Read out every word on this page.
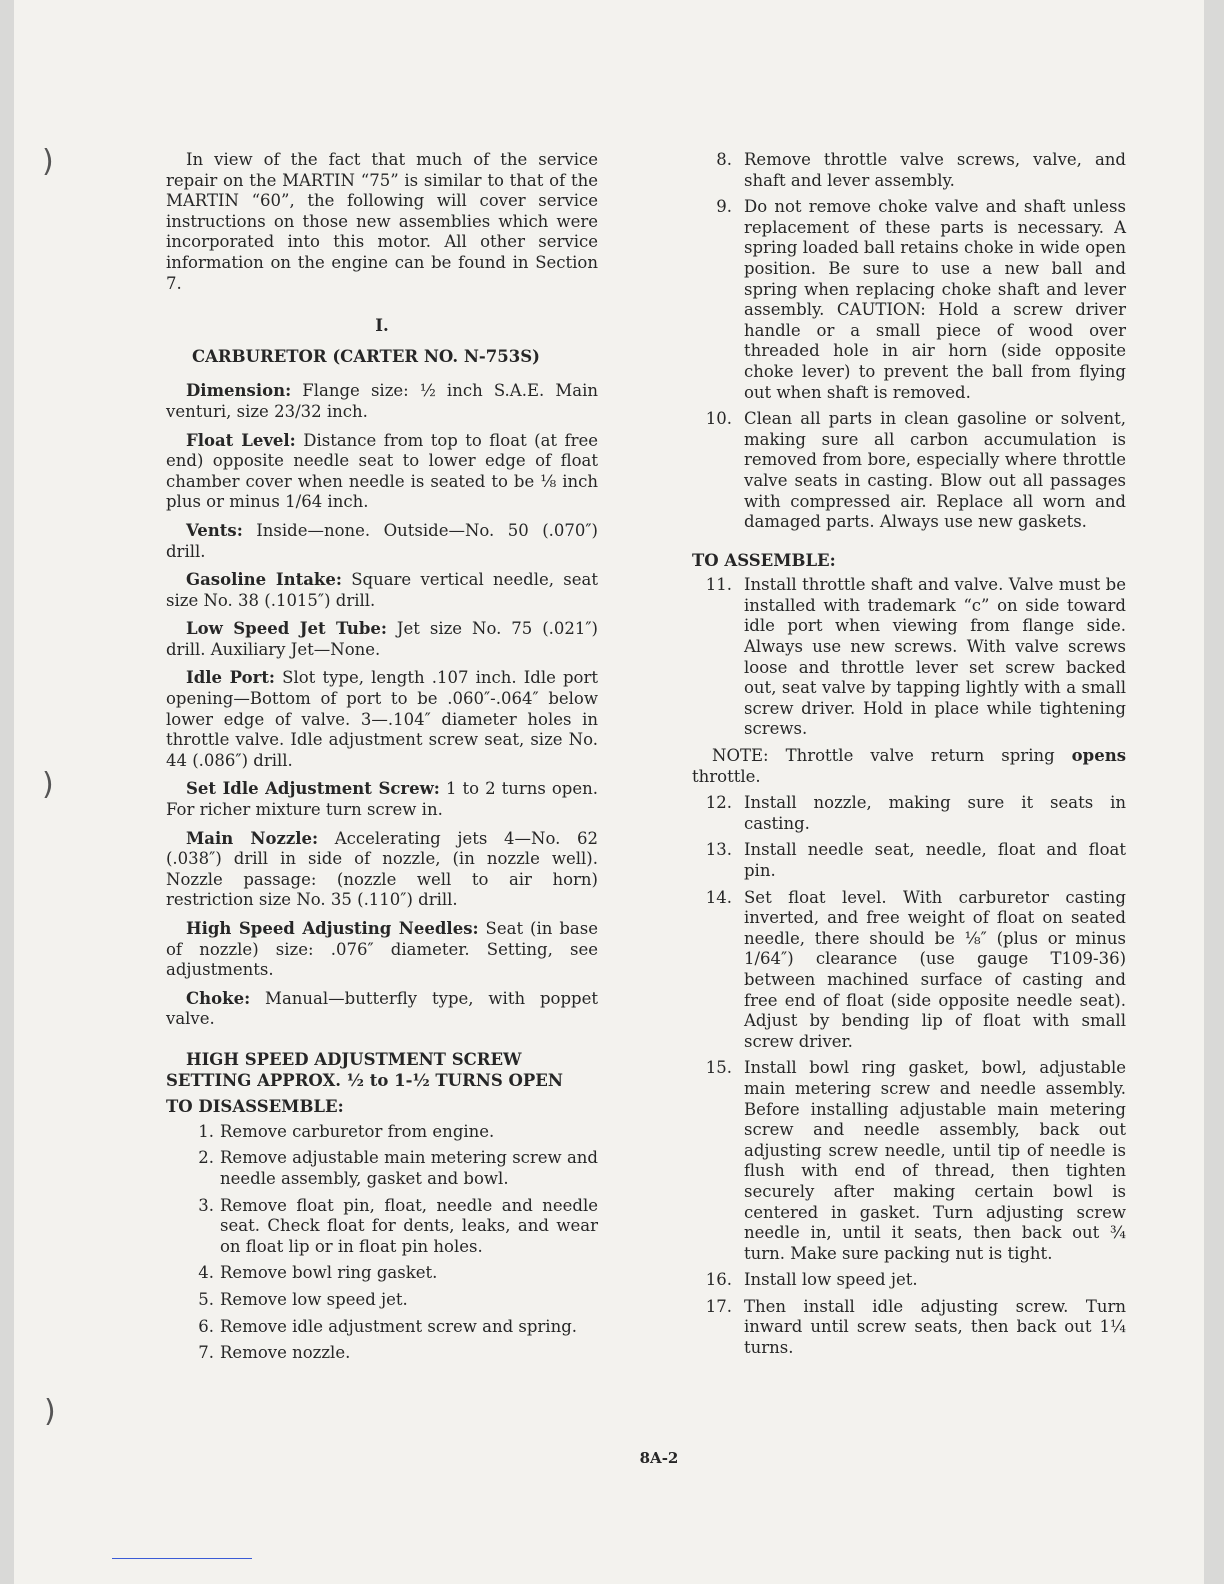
In view of the fact that much of the service repair on the MARTIN “75” is similar to that of the MARTIN “60”, the following will cover service instructions on those new assemblies which were incorporated into this motor. All other service information on the engine can be found in Section 7.

I.
CARBURETOR (CARTER NO. N-753S)

Dimension: Flange size: ½ inch S.A.E. Main venturi, size 23/32 inch.

Float Level: Distance from top to float (at free end) opposite needle seat to lower edge of float chamber cover when needle is seated to be ⅛ inch plus or minus 1/64 inch.

Vents: Inside—none. Outside—No. 50 (.070″) drill.

Gasoline Intake: Square vertical needle, seat size No. 38 (.1015″) drill.

Low Speed Jet Tube: Jet size No. 75 (.021″) drill. Auxiliary Jet—None.

Idle Port: Slot type, length .107 inch. Idle port opening—Bottom of port to be .060″-.064″ below lower edge of valve. 3—.104″ diameter holes in throttle valve. Idle adjustment screw seat, size No. 44 (.086″) drill.

Set Idle Adjustment Screw: 1 to 2 turns open. For richer mixture turn screw in.

Main Nozzle: Accelerating jets 4—No. 62 (.038″) drill in side of nozzle, (in nozzle well). Nozzle passage: (nozzle well to air horn) restriction size No. 35 (.110″) drill.

High Speed Adjusting Needles: Seat (in base of nozzle) size: .076″ diameter. Setting, see adjustments.

Choke: Manual—butterfly type, with poppet valve.

HIGH SPEED ADJUSTMENT SCREW
SETTING APPROX. ½ to 1-½ TURNS OPEN
TO DISASSEMBLE:
1. Remove carburetor from engine.
2. Remove adjustable main metering screw and needle assembly, gasket and bowl.
3. Remove float pin, float, needle and needle seat. Check float for dents, leaks, and wear on float lip or in float pin holes.
4. Remove bowl ring gasket.
5. Remove low speed jet.
6. Remove idle adjustment screw and spring.
7. Remove nozzle.
8. Remove throttle valve screws, valve, and shaft and lever assembly.
9. Do not remove choke valve and shaft unless replacement of these parts is necessary. A spring loaded ball retains choke in wide open position. Be sure to use a new ball and spring when replacing choke shaft and lever assembly. CAUTION: Hold a screw driver handle or a small piece of wood over threaded hole in air horn (side opposite choke lever) to prevent the ball from flying out when shaft is removed.
10. Clean all parts in clean gasoline or solvent, making sure all carbon accumulation is removed from bore, especially where throttle valve seats in casting. Blow out all passages with compressed air. Replace all worn and damaged parts. Always use new gaskets.
TO ASSEMBLE:
11. Install throttle shaft and valve. Valve must be installed with trademark “c” on side toward idle port when viewing from flange side. Always use new screws. With valve screws loose and throttle lever set screw backed out, seat valve by tapping lightly with a small screw driver. Hold in place while tightening screws.

NOTE: Throttle valve return spring opens throttle.

12. Install nozzle, making sure it seats in casting.
13. Install needle seat, needle, float and float pin.
14. Set float level. With carburetor casting inverted, and free weight of float on seated needle, there should be ⅛″ (plus or minus 1/64″) clearance (use gauge T109-36) between machined surface of casting and free end of float (side opposite needle seat). Adjust by bending lip of float with small screw driver.
15. Install bowl ring gasket, bowl, adjustable main metering screw and needle assembly. Before installing adjustable main metering screw and needle assembly, back out adjusting screw needle, until tip of needle is flush with end of thread, then tighten securely after making certain bowl is centered in gasket. Turn adjusting screw needle in, until it seats, then back out ¾ turn. Make sure packing nut is tight.
16. Install low speed jet.
17. Then install idle adjusting screw. Turn inward until screw seats, then back out 1¼ turns.
8A-2
)
)
)
